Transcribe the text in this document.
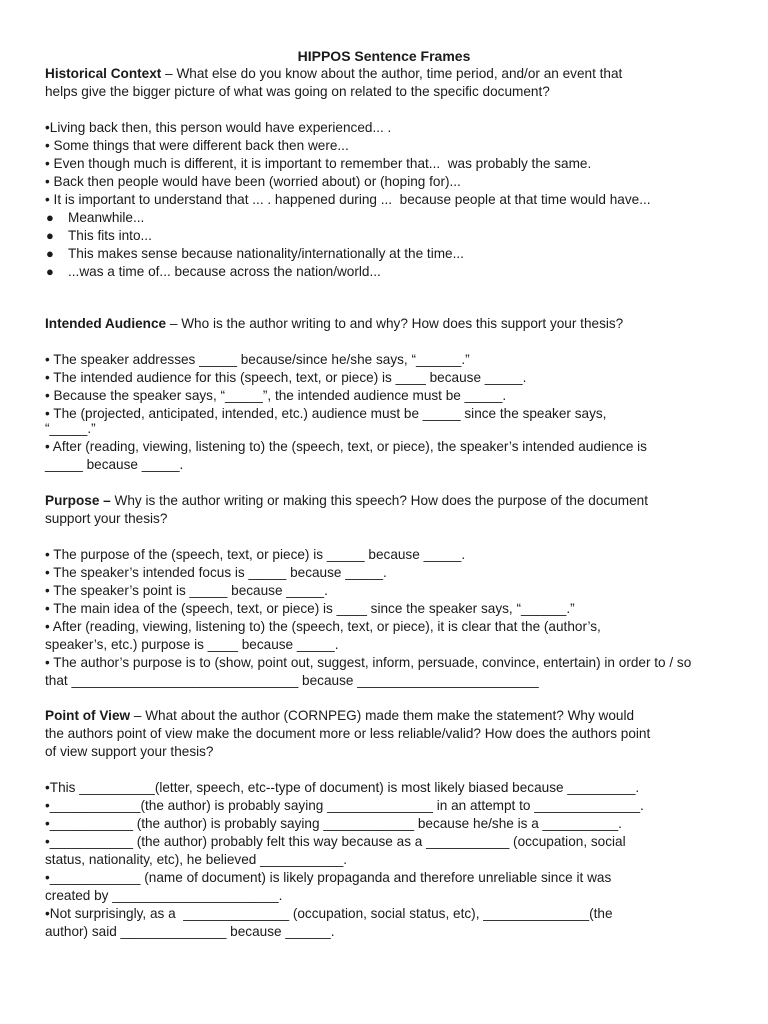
HIPPOS Sentence Frames
Historical Context – What else do you know about the author, time period, and/or an event that
helps give the bigger picture of what was going on related to the specific document?
•Living back then, this person would have experienced... .
• Some things that were different back then were...
• Even though much is different, it is important to remember that...  was probably the same.
• Back then people would have been (worried about) or (hoping for)...
• It is important to understand that ... . happened during ...  because people at that time would have...
● Meanwhile...
● This fits into...
● This makes sense because nationality/internationally at the time...
● ...was a time of... because across the nation/world...
Intended Audience – Who is the author writing to and why? How does this support your thesis?
• The speaker addresses _____ because/since he/she says, “______.”
• The intended audience for this (speech, text, or piece) is ____ because _____.
• Because the speaker says, “_____”, the intended audience must be _____.
• The (projected, anticipated, intended, etc.) audience must be _____ since the speaker says,
“_____.”
• After (reading, viewing, listening to) the (speech, text, or piece), the speaker’s intended audience is
_____ because _____.
Purpose – Why is the author writing or making this speech? How does the purpose of the document
support your thesis?
• The purpose of the (speech, text, or piece) is _____ because _____.
• The speaker’s intended focus is _____ because _____.
• The speaker’s point is _____ because _____.
• The main idea of the (speech, text, or piece) is ____ since the speaker says, “______.”
• After (reading, viewing, listening to) the (speech, text, or piece), it is clear that the (author’s,
speaker’s, etc.) purpose is ____ because _____.
• The author’s purpose is to (show, point out, suggest, inform, persuade, convince, entertain) in order to / so
that ______________________________ because ________________________
Point of View – What about the author (CORNPEG) made them make the statement? Why would
the authors point of view make the document more or less reliable/valid? How does the authors point
of view support your thesis?
•This __________(letter, speech, etc--type of document) is most likely biased because _________.
•____________(the author) is probably saying ______________ in an attempt to ______________.
•___________ (the author) is probably saying ____________ because he/she is a __________.
•___________ (the author) probably felt this way because as a ___________ (occupation, social
status, nationality, etc), he believed ___________.
•____________ (name of document) is likely propaganda and therefore unreliable since it was
created by ______________________.
•Not surprisingly, as a  ______________ (occupation, social status, etc), ______________(the
author) said ______________ because ______.
